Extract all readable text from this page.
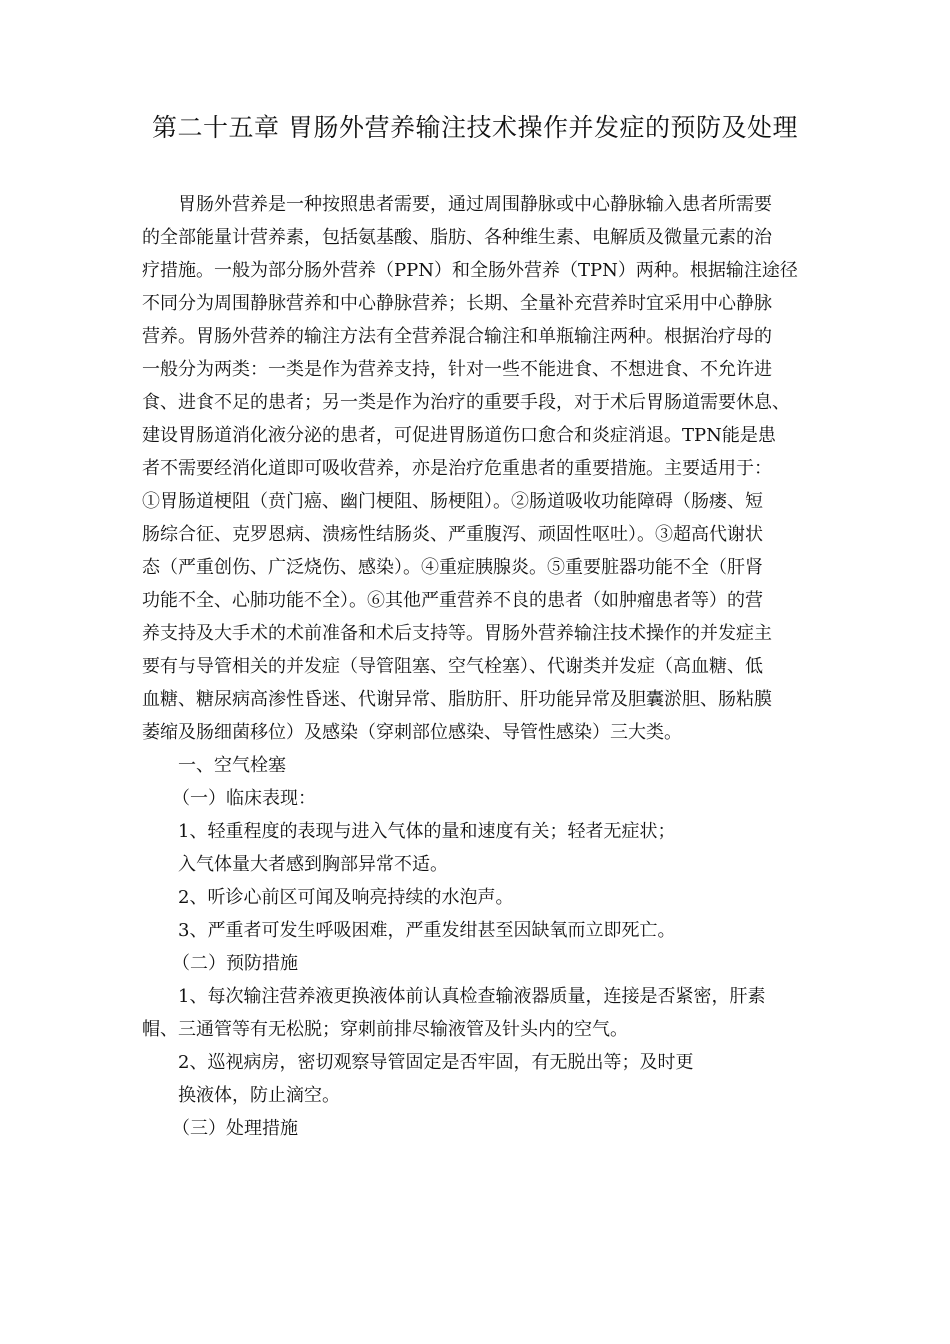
第二十五章 胃肠外营养输注技术操作并发症的预防及处理
胃肠外营养是一种按照患者需要，通过周围静脉或中心静脉输入患者所需要
的全部能量计营养素，包括氨基酸、脂肪、各种维生素、电解质及微量元素的治
疗措施。一般为部分肠外营养（PPN）和全肠外营养（TPN）两种。根据输注途径
不同分为周围静脉营养和中心静脉营养；长期、全量补充营养时宜采用中心静脉
营养。胃肠外营养的输注方法有全营养混合输注和单瓶输注两种。根据治疗母的
一般分为两类：一类是作为营养支持，针对一些不能进食、不想进食、不允许进
食、进食不足的患者；另一类是作为治疗的重要手段，对于术后胃肠道需要休息、
建设胃肠道消化液分泌的患者，可促进胃肠道伤口愈合和炎症消退。TPN能是患
者不需要经消化道即可吸收营养，亦是治疗危重患者的重要措施。主要适用于：
①胃肠道梗阻（贲门癌、幽门梗阻、肠梗阻）。②肠道吸收功能障碍（肠瘘、短
肠综合征、克罗恩病、溃疡性结肠炎、严重腹泻、顽固性呕吐）。③超高代谢状
态（严重创伤、广泛烧伤、感染）。④重症胰腺炎。⑤重要脏器功能不全（肝肾
功能不全、心肺功能不全）。⑥其他严重营养不良的患者（如肿瘤患者等）的营
养支持及大手术的术前准备和术后支持等。胃肠外营养输注技术操作的并发症主
要有与导管相关的并发症（导管阻塞、空气栓塞）、代谢类并发症（高血糖、低
血糖、糖尿病高渗性昏迷、代谢异常、脂肪肝、肝功能异常及胆囊淤胆、肠粘膜
萎缩及肠细菌移位）及感染（穿刺部位感染、导管性感染）三大类。
一、空气栓塞
（一）临床表现：
1、轻重程度的表现与进入气体的量和速度有关；轻者无症状；
入气体量大者感到胸部异常不适。
2、听诊心前区可闻及响亮持续的水泡声。
3、严重者可发生呼吸困难，严重发绀甚至因缺氧而立即死亡。
（二）预防措施
1、每次输注营养液更换液体前认真检查输液器质量，连接是否紧密，肝素
帽、三通管等有无松脱；穿刺前排尽输液管及针头内的空气。
2、巡视病房，密切观察导管固定是否牢固，有无脱出等；及时更
换液体，防止滴空。
（三）处理措施
